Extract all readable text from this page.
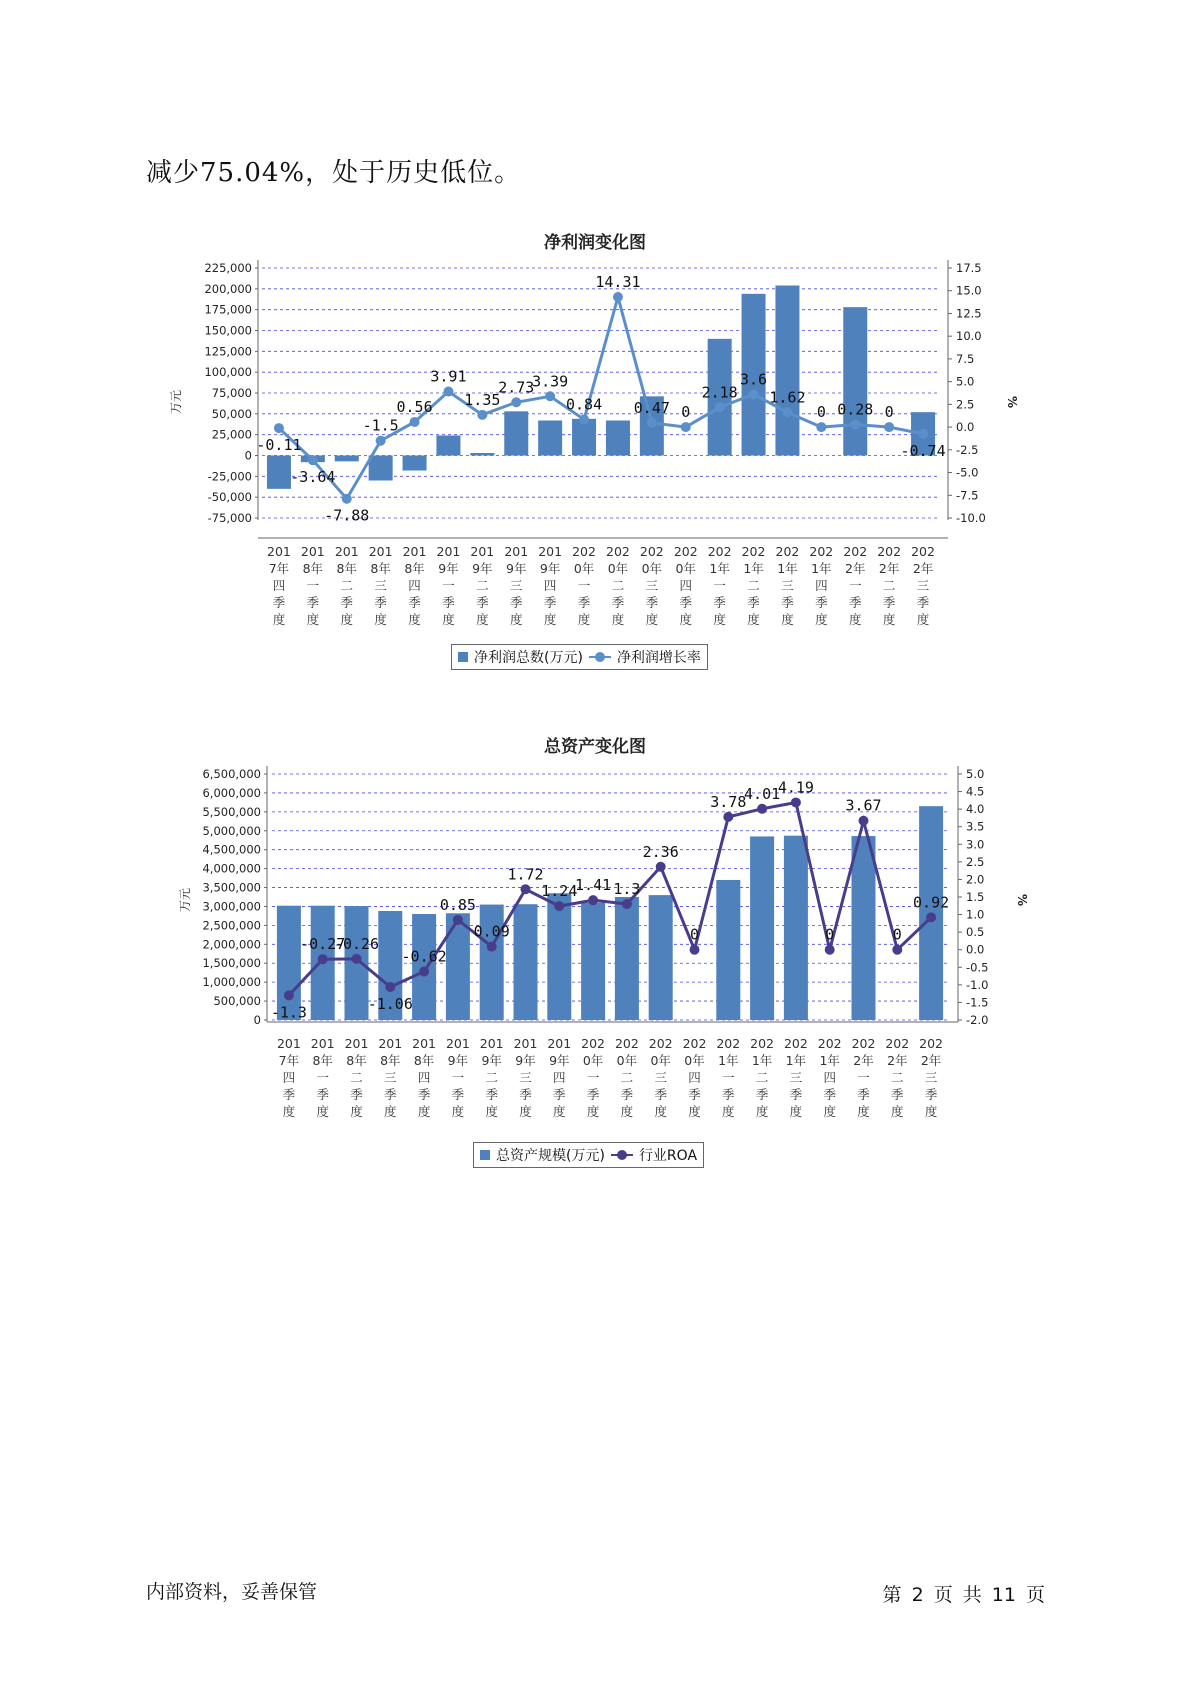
减少75.04%，处于历史低位。
净利润变化图
-75,000
-50,000
-25,000
0
25,000
50,000
75,000
100,000
125,000
150,000
175,000
200,000
225,000
-10.0
-7.5
-5.0
-2.5
0.0
2.5
5.0
7.5
10.0
12.5
15.0
17.5
万元	%
-0.11
-3.64
-7.88
-1.5
0.56
3.91
1.35
2.73
3.39
0.84
14.31
0.47 0
2.18
3.6
1.62
0 0.28 0
-0.74
201
7年
四
季
度
201
8年
一
季
度
201
8年
二
季
度
201
8年
三
季
度
201
8年
四
季
度
201
9年
一
季
度
201
9年
二
季
度
201
9年
三
季
度
201
9年
四
季
度
202
0年
一
季
度
202
0年
二
季
度
202
0年
三
季
度
202
0年
四
季
度
202
1年
一
季
度
202
1年
二
季
度
202
1年
三
季
度
202
1年
四
季
度
202
2年
一
季
度
202
2年
二
季
度
202
2年
三
季
度
净利润总数(万元) 净利润增长率
总资产变化图
0
500,000
1,000,000
1,500,000
2,000,000
2,500,000
3,000,000
3,500,000
4,000,000
4,500,000
5,000,000
5,500,000
6,000,000
6,500,000
-2.0
-1.5
-1.0
-0.5
0.0
0.5
1.0
1.5
2.0
2.5
3.0
3.5
4.0
4.5
5.0
万元	%
-1.3
-0.27
-0.26
-1.06
-0.62
0.85
0.09
1.72
1.24
1.41 1.3
2.36
0
3.78
4.01
4.19
0
3.67
0
0.92
201
7年
四
季
度
201
8年
一
季
度
201
8年
二
季
度
201
8年
三
季
度
201
8年
四
季
度
201
9年
一
季
度
201
9年
二
季
度
201
9年
三
季
度
201
9年
四
季
度
202
0年
一
季
度
202
0年
二
季
度
202
0年
三
季
度
202
0年
四
季
度
202
1年
一
季
度
202
1年
二
季
度
202
1年
三
季
度
202
1年
四
季
度
202
2年
一
季
度
202
2年
二
季
度
202
2年
三
季
度
总资产规模(万元) 行业ROA
内部资料，妥善保管	第 2 页 共 11 页
